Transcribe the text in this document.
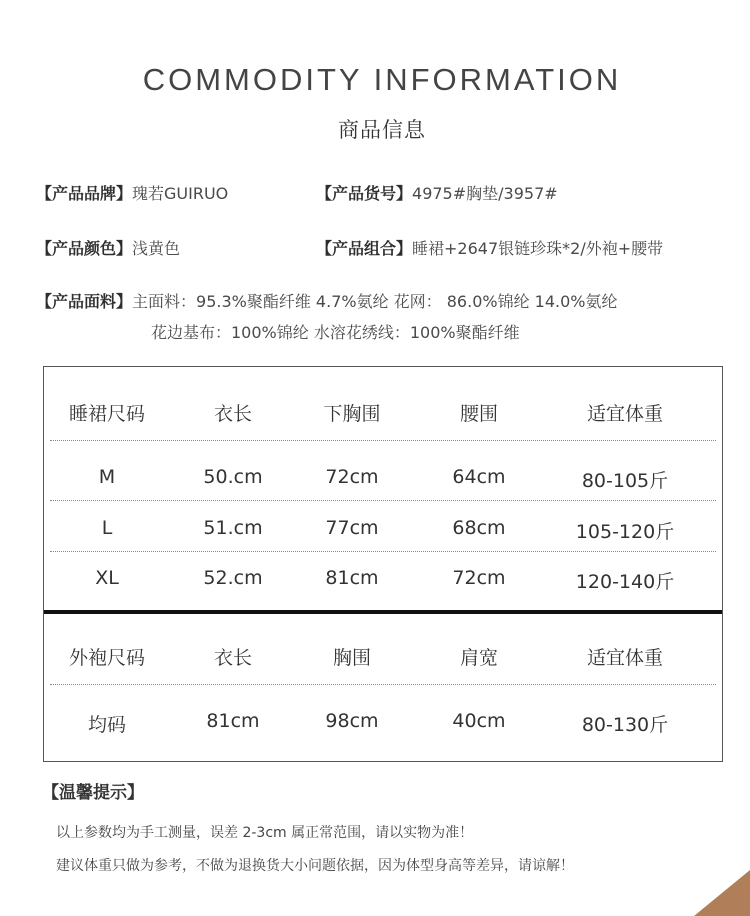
COMMODITY INFORMATION
商品信息
【产品品牌】瑰若GUIRUO	【产品货号】4975#胸垫/3957#
【产品颜色】浅黄色	【产品组合】睡裙+2647银链珍珠*2/外袍+腰带
【产品面料】主面料：95.3%聚酯纤维 4.7%氨纶 花网： 86.0%锦纶 14.0%氨纶
花边基布：100%锦纶 水溶花绣线：100%聚酯纤维
睡裙尺码	衣长	下胸围	腰围	适宜体重
M	50.cm	72cm	64cm	80-105斤
L	51.cm	77cm	68cm	105-120斤
XL	52.cm	81cm	72cm	120-140斤
外袍尺码	衣长	胸围	肩宽	适宜体重
均码	81cm	98cm	40cm	80-130斤
【温馨提示】
以上参数均为手工测量，误差 2-3cm 属正常范围，请以实物为准！
建议体重只做为参考，不做为退换货大小问题依据，因为体型身高等差异，请谅解！
